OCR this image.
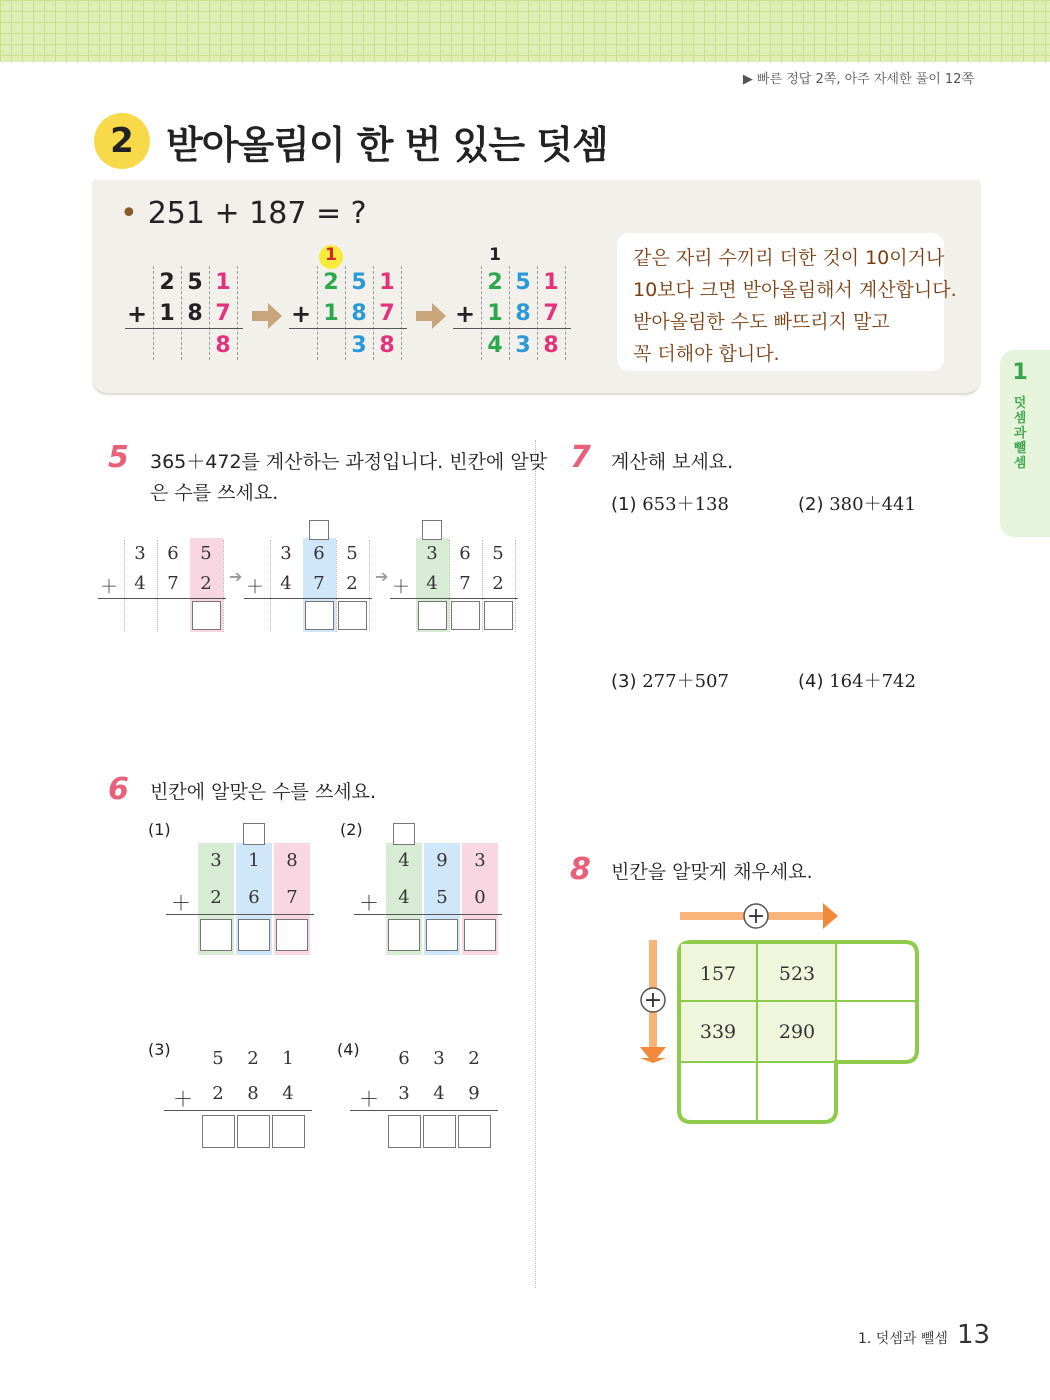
▶ 빠른 정답 2쪽, 아주 자세한 풀이 12쪽
2 받아올림이 한 번 있는 덧셈
• 251 + 187 = ?
같은 자리 수끼리 더한 것이 10이거나
10보다 크면 받아올림해서 계산합니다.
받아올림한 수도 빠뜨리지 말고
꼭 더해야 합니다.
1
덧셈과 뺄셈
5 365＋472를 계산하는 과정입니다. 빈칸에 알맞
은 수를 쓰세요.
6 빈칸에 알맞은 수를 쓰세요.
7 계산해 보세요.
(1) 653＋138	(2) 380＋441
(3) 277＋507	(4) 164＋742
8 빈칸을 알맞게 채우세요.
+
+
157 523
339 290
1. 덧셈과 뺄셈 13
2 5 1
+ 1 8 7
8
1
2 5 1
+ 1 8 7
3 8
1
2 5 1
+ 1 8 7
4 3 8
3	6	5
＋ 4	7	2	➔
3	6	5
＋ 4	7	2	➔
3	6	5
＋ 4	7	2
(1)
3	1	8
＋	2	6	7
(2)
4	9	3
＋	4	5	0
(3)	5	2	1
＋	2	8	4
(4)	6	3	2
＋	3	4	9
